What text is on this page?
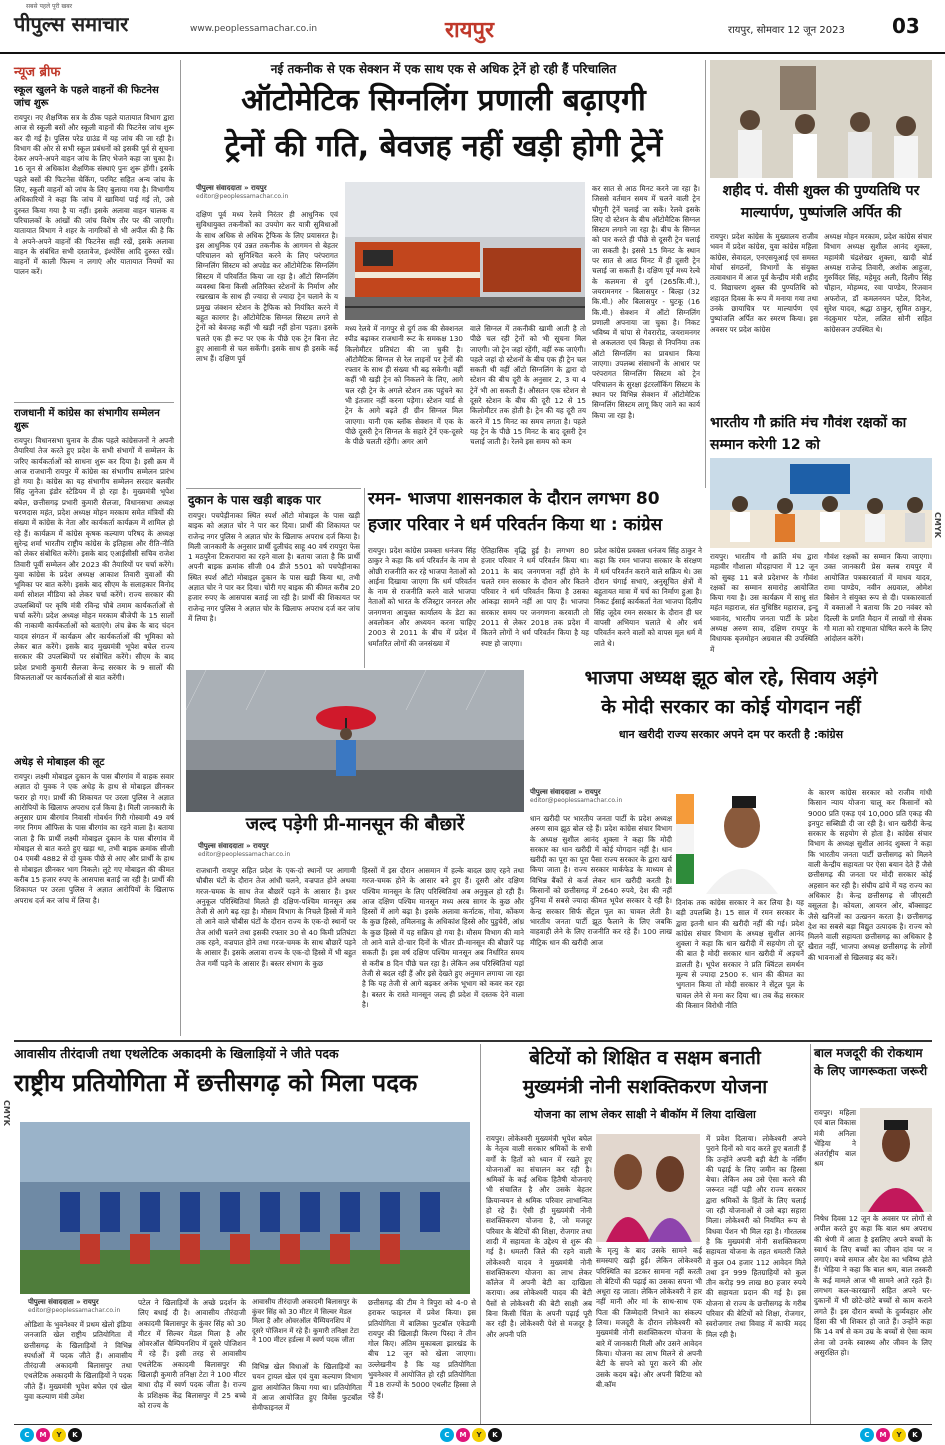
सबसे पहले पूरी खबर
पीपुल्स समाचार	www.peoplessamachar.co.in	रायपुर	रायपुर, सोमवार 12 जून 2023 03
न्यूज ब्रीफ
स्कूल खुलने के पहले वाहनों की फिटनेस जांच शुरू
रायपुर। नए शैक्षणिक सत्र के ठीक पहले यातायात विभाग द्वारा आज से स्कूली बसों और स्कूली वाहनों की फिटनेस जांच शुरू कर दी गई है। पुलिस परेड ग्राउंड में यह जांच की जा रही है। विभाग की ओर से सभी स्कूल प्रबंधनों को इसकी पूर्व से सूचना देकर अपने-अपने वाहन जांच के लिए भेजने कहा जा चुका है। 16 जून से अधिकांश शैक्षणिक संस्थाएं पुनः शुरू होंगी। इसके पहले बसों की फिटनेस चेकिंग, परमिट सहित अन्य जांच के लिए, स्कूली वाहनों को जांच के लिए बुलाया गया है। विभागीय अधिकारियों ने कहा कि जांच में खामियां पाई गई तो, उसे दुरुस्त किया गया है या नहीं। इसके अलावा वाहन चालक व परिचालकों के आंखों की जांच विशेष तौर पर की जाएगी। यातायात विभाग ने शहर के नागरिकों से भी अपील की है कि वे अपने-अपने वाहनों की फिटनेस सही रखें, इसके अलावा वाहन के संबंधित सभी दस्तावेज, इंश्योरेंस आदि दुरुस्त रखें। वाहनों में काली फिल्म न लगाएं और यातायात नियमों का पालन करें।
राजधानी में कांग्रेस का संभागीय सम्मेलन शुरू
रायपुर। विधानसभा चुनाव के ठीक पहले कांग्रेसजनों ने अपनी तैयारियां तेज करते हुए प्रदेश के सभी संभागों में सम्मेलन के जरिए कार्यकर्ताओं को साधना शुरू कर दिया है। इसी क्रम में आज राजधानी रायपुर में कांग्रेस का संभागीय सम्मेलन प्रारंभ हो गया है। कांग्रेस का यह संभागीय सम्मेलन सरदार बलवीर सिंह जुनेजा इंडोर स्टेडियम में हो रहा है। मुख्यमंत्री भूपेश बघेल, छत्तीसगढ़ प्रभारी कुमारी सैलजा, विधानसभा अध्यक्ष चरणदास महंत, प्रदेश अध्यक्ष मोहन मरकाम समेत मंत्रियों की संख्या में कांग्रेस के नेता और कार्यकर्ता कार्यक्रम में शामिल हो रहे हैं। कार्यक्रम में कांग्रेस कृषक कल्याण परिषद के अध्यक्ष सुरेन्द्र शर्मा भारतीय राष्ट्रीय कांग्रेस के इतिहास और रीति-नीति को लेकर संबोधित करेंगे। इसके बाद एआईसीसी सचिव राजेश तिवारी पूर्वी सम्मेलन और 2023 की तैयारियों पर चर्चा करेंगे। युवा कांग्रेस के प्रदेश अध्यक्ष आकाश तिवारी युवाओं की भूमिका पर बात करेंगे। इसके बाद सीएम के सलाहकार विनोद वर्मा सोशल मीडिया को लेकर चर्चा करेंगे। राज्य सरकार की उपलब्धियों पर कृषि मंत्री रविन्द्र चौबे तमाम कार्यकर्ताओं से चर्चा करेंगे। प्रदेश अध्यक्ष मोहन मरकाम बीजेपी के 15 सालों की नाकामी कार्यकर्ताओं को बताएंगे। लंच ब्रेक के बाद चंदन यादव संगठन में कार्यक्रम और कार्यकर्ताओं की भूमिका को लेकर बात करेंगे। इसके बाद मुख्यमंत्री भूपेश बघेल राज्य सरकार की उपलब्धियों पर संबोधित करेंगे। सीएम के बाद प्रदेश प्रभारी कुमारी सैलजा केन्द्र सरकार के 9 सालों की विफलताओं पर कार्यकर्ताओं से बात करेंगी।
अधेड़ से मोबाइल की लूट
रायपुर। लक्ष्मी मोबाइल दुकान के पास बीरगांव में वाहक सवार अज्ञात दो युवक ने एक अधेड़ के हाथ से मोबाइल छीनकर फरार हो गए। प्रार्थी की शिकायत पर उरला पुलिस ने अज्ञात आरोपियों के खिलाफ अपराध दर्ज किया है। मिली जानकारी के अनुसार ग्राम बीरगांव निवासी गोवर्धन गिरी गोस्वामी 49 वर्ष नगर निगम ऑफिस के पास बीरगांव का रहने वाला है। बताया जाता है कि प्रार्थी लक्ष्मी मोबाइल दुकान के पास बीरगांव में मोबाइल से बात करते हुए खड़ा था, तभी बाइक क्रमांक सीजी 04 एमबी 4882 से दो युवक पीछे से आए और प्रार्थी के हाथ से मोबाइल छीनकर भाग निकले। लूटे गए मोबाइल की कीमत करीब 15 हजार रुपए के आसपास बताई जा रही है। प्रार्थी की शिकायत पर उरला पुलिस ने अज्ञात आरोपियों के खिलाफ अपराध दर्ज कर जांच में लिया है।
नई तकनीक से एक सेक्शन में एक साथ एक से अधिक ट्रेनें हो रही हैं परिचालित
ऑटोमेटिक सिग्नलिंग प्रणाली बढ़ाएगी
ट्रेनों की गति, बेवजह नहीं खड़ी होगी ट्रेनें
पीपुल्स संवाददाता » रायपुर
editor@peoplessamachar.co.in
दक्षिण पूर्व मध्य रेलवे निरंतर ही आधुनिक एवं सुविधायुक्त तकनीकों का उपयोग कर यात्री सुविधाओं के साथ अधिक से अधिक ट्रैफिक के लिए प्रयासरत है। इस आधुनिक एवं उन्नत तकनीक के आगमन से बेहतर परिचालन को सुनिश्चित करने के लिए परंपरागत सिग्नलिंग सिस्टम को अपग्रेड कर ऑटोमेटिक सिग्नलिंग सिस्टम में परिवर्तित किया जा रहा है। ऑटो सिग्नलिंग व्यवस्था बिना किसी अतिरिक्त स्टेशनों के निर्माण और रखरखाव के साथ ही ज्यादा से ज्यादा ट्रेन चलाने के य प्रमुख जंक्शन स्टेशन के ट्रैफिक को नियंत्रित करने में बहुत कारगर है। ऑटोमेटिक सिग्नल सिस्टम लगने से ट्रेनों को बेवजह कहीं भी खड़ी नहीं होना पड़ता। इसके चलते एक ही रूट पर एक के पीछे एक ट्रेन बिना लेट हुए आसानी से चल सकेंगी। इसके साथ ही इसके कई लाभ हैं। दक्षिण पूर्व
मध्य रेलवे में नागपुर से दुर्ग तक की सेक्शनल स्पीड बढ़ाकर राजधानी रूट के समकक्ष 130 किलोमीटर प्रतिघंटा की जा चुकी है। ऑटोमैटिक सिग्नल से रेल लाइनों पर ट्रेनों की रफ्तार के साथ ही संख्या भी बढ़ सकेगी। वहीं कहीं भी खड़ी ट्रेन को निकलने के लिए, आगे चल रही ट्रेन के अगले स्टेशन तक पहुंचने का भी इंतजार नहीं करना पड़ेगा। स्टेशन यार्ड से ट्रेन के आगे बढ़ते ही ग्रीन सिग्नल मिल जाएगा। यानी एक ब्लॉक सेक्शन में एक के पीछे दूसरी ट्रेन सिग्नल के सहारे ट्रेनें एक-दूसरे के पीछे चलती रहेंगी। अगर आगे
वाले सिग्नल में तकनीकी खामी आती है तो पीछे चल रही ट्रेनों को भी सूचना मिल जाएगी। जो ट्रेन जहां रहेंगी, वहीं रुक जाएंगी। पहले जहां दो स्टेशनों के बीच एक ही ट्रेन चल सकती थी वहीं ऑटो सिग्नलिंग के द्वारा दो स्टेशन की बीच दूरी के अनुसार 2, 3 या 4 ट्रेनें भी आ सकती हैं। औसतन एक स्टेशन से दूसरे स्टेशन के बीच की दूरी 12 से 15 किलोमीटर तक होती है। ट्रेन की यह दूरी तय करने में 15 मिनट का समय लगता है। पहले यह ट्रेन के पीछे 15 मिनट के बाद दूसरी ट्रेन चलाई जाती है। रेलवे इस समय को कम
कर सात से आठ मिनट करने जा रहा है। जिससे वर्तमान समय में चलने वाली ट्रेन चौगुनी ट्रेनें चलाई जा सकें। रेलवे इसके लिए दो स्टेशन के बीच ऑटोमैटिक सिग्नल सिस्टम लगाने जा रहा है। बीच के सिग्नल को पार करते ही पीछे से दूसरी ट्रेन चलाई जा सकती है। इससे 15 मिनट के स्थान पर सात से आठ मिनट में ही दूसरी ट्रेन चलाई जा सकती है। दक्षिण पूर्व मध्य रेल्वे के कलमना से दुर्ग (265कि.मी.), जयरामनगर - बिलासपुर - बिल्हा (32 कि.मी.) और बिलासपुर - घुटकू (16 कि.मी.) सेक्शन में ऑटो सिग्नलिंग प्रणाली अपनाया जा चुका है। निकट भविष्य में चांपा से गेवरारोड, जयरामनगर से अकलतरा एवं बिल्हा से निपनिया तक ऑटो सिग्नलिंग का प्रावधान किया जाएगा। उपलब्ध संसाधनों के आधार पर परंपरागत सिग्नलिंग सिस्टम को ट्रेन परिचालन के सुरक्षा इंटरलॉकिंग सिस्टम के स्थान पर विभिन्न सेक्शन में ऑटोमेटिक सिग्नलिंग सिस्टम लागू किए जाने का कार्य किया जा रहा है।
शहीद पं. वीसी शुक्ल की पुण्यतिथि पर माल्यार्पण, पुष्पांजलि अर्पित की
रायपुर। प्रदेश कांग्रेस के मुख्यालय राजीव भवन में प्रदेश कांग्रेस, युवा कांग्रेस महिला कांग्रेस, सेवादल, एनएसयूआई एवं समस्त मोर्चा संगठनों, विभागों के संयुक्त तत्वावधान में आज पूर्व केन्द्रीय मंत्री शहीद पं. विद्याचरण शुक्ल की पुण्यतिथि को शहादत दिवस के रूप में मनाया गया तथा उनके छायाचित्र पर माल्यार्पण एवं पुष्पांजलि अर्पित कर स्मरण किया। इस अवसर पर प्रदेश कांग्रेस
अध्यक्ष मोहन मरकाम, प्रदेश कांग्रेस संचार विभाग अध्यक्ष सुशील आनंद शुक्ला, महामंत्री चंद्रशेखर शुक्ला, खादी बोर्ड अध्यक्ष राजेन्द्र तिवारी, अशोक आहूजा, गुरुविंदर सिंह, महेमूद अली, दिलीप सिंह चौहान, मोहम्मद, रवा पाण्डेय, रिजवान अफरोज, डॉ कमलनयन पटेल, दिनेश, सुरेश यादव, श्रद्धा ठाकुर, सुमित ठाकुर, नंदकुमार पटेल, ललित सोनी सहित कांग्रेसजन उपस्थित थे।
भारतीय गौ क्रांति मंच गौवंश रक्षकों का सम्मान करेगी 12 को
रायपुर। भारतीय गौ क्रांति मंच द्वारा महावीर गौशाला मौदहापारा में 12 जून को सुबह 11 बजे प्रदेशभर के गौवंश रक्षकों का सम्मान समारोह आयोजित किया गया है। उस कार्यक्रम में साधु संत महंत महाराज, संत युधिष्ठिर महाराज, इन्दु भवानंद, भारतीय जनता पार्टी के प्रदेश अध्यक्ष अरुण साव, दक्षिण रायपुर के विधायक बृजमोहन अग्रवाल की उपस्थिति में
गौवंश रक्षकों का सम्मान किया जाएगा। उक्त जानकारी प्रेस क्लब रायपुर में आयोजित पत्रकारवार्ता में माधव यादव, रामा पाण्डेय, नवीन अग्रवाल, ओमेश बिसेन ने संयुक्त रूप से दी। पत्रकारवार्ता में वक्ताओं ने बताया कि 20 नवंबर को दिल्ली के प्रगति मैदान में लाखों गो सेवक गौ माता को राष्ट्रमाता घोषित करने के लिए आंदोलन करेंगे।
दुकान के पास खड़ी बाइक पार
रायपुर। पचपेड़ीनाका स्थित स्पर्श ऑटो मोबाइल के पास खड़ी बाइक को अज्ञात चोर ने पार कर दिया। प्रार्थी की शिकायत पर राजेन्द्र नगर पुलिस ने अज्ञात चोर के खिलाफ अपराध दर्ज किया है। मिली जानकारी के अनुसार प्रार्थी दुलीचंद साहू 40 वर्ष रायपुरा फेस 1 मठपुरैना टिकरापारा का रहने वाला है। बताया जाता है कि प्रार्थी अपनी बाइक क्रमांक सीजी 04 डीजे 5501 को पचपेड़ीनाका स्थित स्पर्श ऑटो मोबाइल दुकान के पास खड़ी किया था, तभी अज्ञात चोर ने पार कर दिया। चोरी गए बाइक की कीमत करीब 20 हजार रुपए के आसपास बताई जा रही है। प्रार्थी की शिकायत पर राजेन्द्र नगर पुलिस ने अज्ञात चोर के खिलाफ अपराध दर्ज कर जांच में लिया है।
रमन- भाजपा शासनकाल के दौरान लगभग 80
हजार परिवार ने धर्म परिवर्तन किया था : कांग्रेस
रायपुर। प्रदेश कांग्रेस प्रवक्ता धनंजय सिंह ठाकुर ने कहा कि धर्म परिवर्तन के नाम से ओछी राजनीति कर रहे भाजपा नेताओं को आईना दिखाया जाएगा कि धर्म परिवर्तन के नाम से राजनीति करने वाले भाजपा नेताओं को भारत के रजिस्ट्रार जनरल और जनगणना आयुक्त कार्यालय के डेटा का अवलोकन और अध्ययन करना चाहिए 2003 से 2011 के बीच में प्रदेश में धर्मांतरित लोगों की जनसंख्या में
ऐतिहासिक वृद्धि हुई है। लगभग 80 हजार परिवार ने धर्म परिवर्तन किया था। 2011 के बाद जनगणना नहीं होने के चलते रमन सरकार के दौरान और कितने परिवार ने धर्म परिवर्तन किया है उसका आंकड़ा सामने नहीं आ पाए हैं। भाजपा सरकार समय पर जनगणना करवाती तो 2011 से लेकर 2018 तक प्रदेश में कितने लोगों ने धर्म परिवर्तन किया है यह स्पष्ट हो जाएगा।
प्रदेश कांग्रेस प्रवक्ता धनंजय सिंह ठाकुर ने कहा कि रमन भाजपा सरकार के संरक्षण में धर्म परिवर्तन कराने वाले सक्रिय थे। उस दौरान चंगाई सभाएं, अनुसूचित क्षेत्रों में बहुतायत मात्रा में चर्च का निर्माण हुआ है। निकट ईसाई कार्यकर्ता नेता भाजपा दिलीप सिंह जूदेव रमन सरकार के दौरान ही घर वापसी अभियान चलाते थे और धर्म परिवर्तन करने वालों को वापस मूल धर्म में लाते थे।
भाजपा अध्यक्ष झूठ बोल रहे, सिवाय अड़ंगे
के मोदी सरकार का कोई योगदान नहीं
धान खरीदी राज्य सरकार अपने दम पर करती है :कांग्रेस
पीपुल्स संवाददाता » रायपुर
editor@peoplessamachar.co.in
धान खरीदी पर भारतीय जनता पार्टी के प्रदेश अध्यक्ष अरुण साव झूठ बोल रहे हैं। प्रदेश कांग्रेस संचार विभाग के अध्यक्ष सुशील आनंद शुक्ला ने कहा कि मोदी सरकार का धान खरीदी में कोई योगदान नहीं है। धान खरीदी का पूरा का पूरा पैसा राज्य सरकार के द्वारा खर्च किया जाता है। राज्य सरकार मार्कफेड के माध्यम से विभिन्न बैंकों से कर्ज लेकर धान खरीदी करती है। किसानों को छत्तीसगढ़ में 2640 रुपये, देश की नहीं दुनिया में सबसे ज्यादा कीमत भूपेश सरकार दे रही है। केन्द्र सरकार सिर्फ सेंट्रल पूल का चावल लेती है। भारतीय जनता पार्टी झूठ फैलाने के लिए जबकि वाहवाही लेने के लिए राजनीति कर रहे हैं। 100 लाख मीट्रिक धान की खरीदी आज
दिनांक तक कांग्रेस सरकार ने कर लिया है। यह बड़ी उपलब्धि है। 15 साल में रमन सरकार के द्वारा इतनी धान की खरीदी नहीं की गई। प्रदेश कांग्रेस संचार विभाग के अध्यक्ष सुशील आनंद शुक्ला ने कहा कि धान खरीदी में सहयोग तो दूर की बात है मोदी सरकार धान खरीदी में अड़चनें डालती है। भूपेश सरकार ने प्रति क्विंटल समर्थन मूल्य से ज्यादा 2500 रु. धान की कीमत का भुगतान किया तो मोदी सरकार ने सेंट्रल पूल के चावल लेने से मना कर दिया था। तब केंद्र सरकार की किसान विरोधी नीति
के कारण कांग्रेस सरकार को राजीव गांधी किसान न्याय योजना चालू कर किसानों को 9000 प्रति एकड़ एवं 10,000 प्रति एकड़ की इनपुट सब्सिडी दी जा रही है। धान खरीदी केन्द्र सरकार के सहयोग से होता है। कांग्रेस संचार विभाग के अध्यक्ष सुशील आनंद शुक्ला ने कहा कि भारतीय जनता पार्टी छत्तीसगढ़ को मिलने वाली केन्द्रीय सहायता पर ऐसा बयान देते हैं जैसे छत्तीसगढ़ की जनता पर मोदी सरकार कोई अहसान कर रही है। संघीय ढांचे में यह राज्य का अधिकार है। केन्द्र छत्तीसगढ़ से जीएसटी वसूलता है। कोयला, आयरन ओर, बॉक्साइट जैसे खनिजों का उत्खनन करता है। छत्तीसगढ़ देश का सबसे बड़ा विद्युत उत्पादक है। राज्य को मिलने वाली सहायता छत्तीसगढ़ का अधिकार है खैरात नहीं, भाजपा अध्यक्ष छत्तीसगढ़ के लोगों की भावनाओं से खिलवाड़ बंद करें।
जल्द पड़ेगी प्री-मानसून की बौछारें
पीपुल्स संवाददाता » रायपुर
editor@peoplessamachar.co.in
राजधानी रायपुर सहित प्रदेश के एक-दो स्थानों पर आगामी चौबीस घंटों के दौरान तेज आंधी चलने, वज्रपात होने अथवा गरज-चमक के साथ तेज बौछारें पड़ने के आसार हैं। इधर अनुकूल परिस्थितियां मिलते ही दक्षिण-पश्चिम मानसून अब तेजी से आगे बढ़ रहा है। मौसम विभाग के निचले हिस्से में माने तो आने वाले चौबीस घंटों के दौरान राज्य के एक-दो स्थानों पर तेज आंधी चलने तथा इसकी रफ्तार 30 से 40 किमी प्रतिघंटा तक रहने, वज्रपात होने तथा गरज-चमक के साथ बौछारें पड़ने के आसार हैं। इसके अलावा राज्य के एक-दो हिस्से में भी बहुत तेज गर्मी पड़ने के आसार हैं। बस्तर संभाग के कुछ
हिस्सों में इस दौरान आसमान में हल्के बादल छाए रहने तथा गरज-चमक होने के आसार बने हुए हैं। दूसरी ओर दक्षिण पश्चिम मानसून के लिए परिस्थितियां अब अनुकूल हो रही हैं। आज दक्षिण पश्चिम मानसून मध्य अरब सागर के कुछ और हिस्सों में आगे बढ़ा है। इसके अलावा कर्नाटक, गोवा, कोंकण के कुछ हिस्से, तमिलनाडु के अधिकांश हिस्से और पुडुचेरी, आंध्र के कुछ हिस्से में यह सक्रिय हो गया है। मौसम विभाग की माने तो आने वाले दो-चार दिनों के भीतर प्री-मानसून की बौछारें पड़ सकती हैं। इस वर्ष दक्षिण पश्चिम मानसून अब निर्धारित समय से करीब 8 दिन पीछे चल रहा है। लेकिन अब परिस्थितियां यहां तेजी से बदल रही हैं और इसे देखते हुए अनुमान लगाया जा रहा है कि यह तेजी से आगे बढ़कर अनेक भूभाग को कवर कर रहा है। बस्तर के रास्ते मानसून जल्द ही प्रदेश में दस्तक देने वाला है।
आवासीय तीरंदाजी तथा एथलेटिक अकादमी के खिलाड़ियों ने जीते पदक
राष्ट्रीय प्रतियोगिता में छत्तीसगढ़ को मिला पदक
पीपुल्स संवाददाता » रायपुर
editor@peoplessamachar.co.in
ओडिशा के भुवनेश्वर में प्रथम खेलो इंडिया जनजाति खेल राष्ट्रीय प्रतियोगिता में छत्तीसगढ़ के खिलाड़ियों ने विभिन्न स्पर्धाओं में पदक जीते हैं। आवासीय तीरंदाजी अकादमी बिलासपुर तथा एथलेटिक अकादमी के खिलाड़ियों ने पदक जीते हैं। मुख्यमंत्री भूपेश बघेल एवं खेल युवा कल्याण मंत्री उमेश
पटेल ने खिलाड़ियों के अच्छे प्रदर्शन के लिए बधाई दी है। आवासीय तीरंदाजी अकादमी बिलासपुर के कुंवर सिंह को 30 मीटर में सिल्वर मेडल मिला है और ओवरऑल चैम्पियनशिप में दूसरे पोजिशन में रहे हैं। इसी तरह से आवासीय एथलेटिक अकादमी बिलासपुर की खिलाड़ी कुमारी तनिक्षा टेटा ने 100 मीटर बाधा दौड़ में स्वर्ण पदक जीता है। राज्य के प्रशिक्षक केंद्र बिलासपुर में 25 बच्चे को राज्य के
आवासीय तीरंदाजी अकादमी बिलासपुर के कुंवर सिंह को 30 मीटर में सिल्वर मेडल मिला है और ओवरऑल चैम्पियनशिप में दूसरे पोजिशन में रहे हैं। कुमारी तनिक्षा टेटा ने 100 मीटर हर्डल्स में स्वर्ण पदक जीता
विभिन्न खेल विधाओं के खिलाड़ियों का चयन ट्रायल खेल एवं युवा कल्याण विभाग द्वारा आयोजित किया गया था। प्रतियोगिता में आज आयोजित हुए विमेंस फुटबॉल सेमीफाइनल में
छत्तीसगढ़ की टीम ने त्रिपुरा को 4-0 से हराकर फाइनल में प्रवेश किया। इस प्रतियोगिता में बालिका फुटबॉल एकेडमी रायपुर की खिलाड़ी किरण पिस्दा ने तीन गोल किए। अंतिम मुकाबला झारखंड के बीच 12 जून को खेला जाएगा। उल्लेखनीय है कि यह प्रतियोगिता भुवनेश्वर में आयोजित हो रही प्रतियोगिता में 18 राज्यों के 5000 एथलीट हिस्सा ले रहे हैं।
बेटियों को शिक्षित व सक्षम बनाती
मुख्यमंत्री नोनी सशक्तिकरण योजना
योजना का लाभ लेकर साक्षी ने बीकॉम में लिया दाखिला
रायपुर। लोकेश्वरी मुख्यमंत्री भूपेश बघेल के नेतृत्व वाली सरकार श्रमिकों के सभी वर्गों के हितों को ध्यान में रखते हुए योजनाओं का संचालन कर रही है। श्रमिकों के कई अधिक हितैषी योजनाएं भी संचालित है और उसके बेहतर क्रियान्वयन से श्रमिक परिवार लाभान्वित हो रहे हैं। ऐसी ही मुख्यमंत्री नोनी सशक्तिकरण योजना है, जो मजदूर परिवार के बेटियों की शिक्षा, रोजगार तथा शादी में सहायता के उद्देश्य से शुरू की गई है। धमतरी जिले की रहने वाली लोकेश्वरी यादव ने मुख्यमंत्री नोनी सशक्तिकरण योजना का लाभ लेकर कॉलेज में अपनी बेटी का दाखिला कराया। अब लोकेश्वरी यादव की बेटी पैसों से लोकेश्वरी की बेटी साक्षी अब बिना किसी चिंता के अपनी पढ़ाई पूरी कर रही है। लोकेश्वरी पेशे से मजदूर है और अपनी पति
के मृत्यु के बाद उसके सामने कई समस्याएं खड़ी हुईं। लेकिन लोकेश्वरी परिस्थिति का डटकर सामना नहीं करती तो बेटियों की पढ़ाई का उसका सपना भी अधूरा रह जाता। लेकिन लोकेश्वरी ने हार नहीं मानी और मां के साथ-साथ एक पिता की जिम्मेदारी निभाने का संकल्प लिया। मजदूरी के दौरान लोकेश्वरी को मुख्यमंत्री नोनी सशक्तिकरण योजना के बारे में जानकारी मिली और उसने आवेदन किया। योजना का लाभ मिलने से अपनी बेटी के सपने को पूरा करने की ओर उसके कदम बढ़े। और अपनी बिटिया को बी.कॉम
में प्रवेश दिलाया। लोकेश्वरी अपने पुराने दिनों को याद करते हुए बताती हैं कि उन्होंने अपनी बड़ी बेटी के नर्सिंग की पढ़ाई के लिए जमीन का हिस्सा बेचा। लेकिन अब उसे ऐसा करने की जरूरत नहीं पड़ी और राज्य सरकार द्वारा श्रमिकों के हितों के लिए चलाई जा रही योजनाओं से उसे बड़ा सहारा मिला। लोकेश्वरी को नियमित रूप से विधवा पेंशन भी मिल रहा है। गौरतलब है कि मुख्यमंत्री नोनी सशक्तिकरण सहायता योजना के तहत धमतरी जिले में कुल 04 हजार 112 आवेदन मिले तथा इन 999 हितग्राहियों को कुल तीन करोड़ 99 लाख 80 हजार रुपये की सहायता प्रदान की गई है। इस योजना से राज्य के छत्तीसगढ़ के गरीब परिवार की बेटियों को शिक्षा, रोजगार, स्वरोजगार तथा विवाह में काफी मदद मिल रही है।
बाल मजदूरी की रोकथाम के लिए जागरूकता जरूरी
रायपुर। महिला एवं बाल विकास मंत्री अनिला भेंड़िया ने अंतर्राष्ट्रीय बाल श्रम
निषेध दिवस 12 जून के अवसर पर लोगों से अपील करते हुए कहा कि बाल श्रम अपराध की श्रेणी में आता है इसलिए अपने बच्चों के स्वार्थ के लिए बच्चों का जीवन दांव पर न लगाएं। बच्चे समाज और देश का भविष्य होते हैं। भेड़िया ने कहा कि बाल श्रम, बाल तस्करी के कई मामले आज भी सामने आते रहते हैं। लगभग कल-कारखानों सहित अपने घर-दुकानों में भी छोटे-छोटे बच्चों से काम कराने लगते हैं। इस दौरान बच्चों के दुर्व्यवहार और हिंसा की भी शिकार हो जाते हैं। उन्होंने कहा कि 14 वर्ष से कम उम्र के बच्चों से ऐसा काम लेना जो उनके स्वास्थ्य और जीवन के लिए असुरक्षित हो।
CMYK
CMYK
C	M	Y	K	C	M	Y	K	C	M	Y	K
